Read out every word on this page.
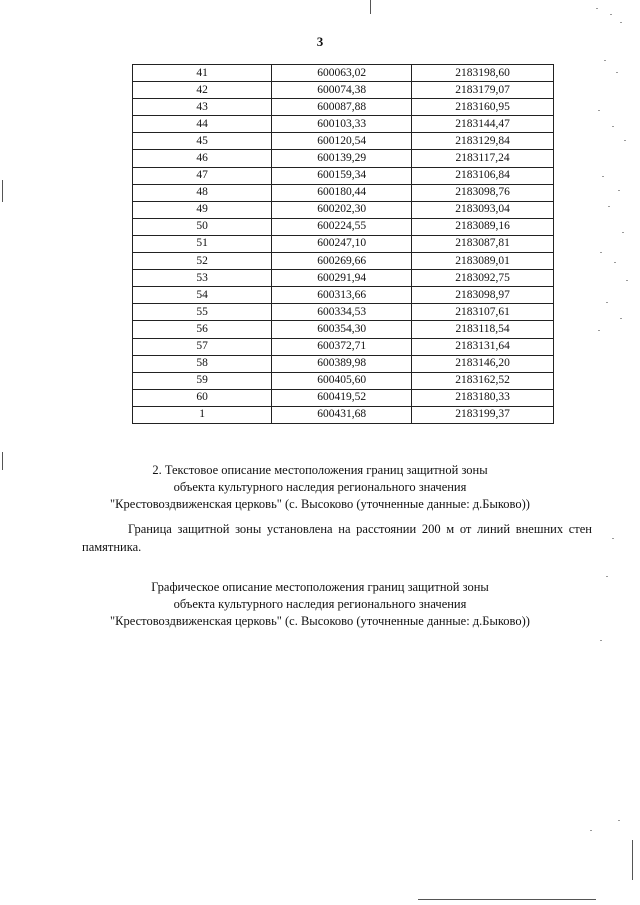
3
41	600063,02	2183198,60
42	600074,38	2183179,07
43	600087,88	2183160,95
44	600103,33	2183144,47
45	600120,54	2183129,84
46	600139,29	2183117,24
47	600159,34	2183106,84
48	600180,44	2183098,76
49	600202,30	2183093,04
50	600224,55	2183089,16
51	600247,10	2183087,81
52	600269,66	2183089,01
53	600291,94	2183092,75
54	600313,66	2183098,97
55	600334,53	2183107,61
56	600354,30	2183118,54
57	600372,71	2183131,64
58	600389,98	2183146,20
59	600405,60	2183162,52
60	600419,52	2183180,33
1	600431,68	2183199,37
2. Текстовое описание местоположения границ защитной зоны
объекта культурного наследия регионального значения
"Крестовоздвиженская церковь" (с. Высоково (уточненные данные: д.Быково))
Граница защитной зоны установлена на расстоянии 200 м от линий внешних стен памятника.
Графическое описание местоположения границ защитной зоны
объекта культурного наследия регионального значения
"Крестовоздвиженская церковь" (с. Высоково (уточненные данные: д.Быково))
